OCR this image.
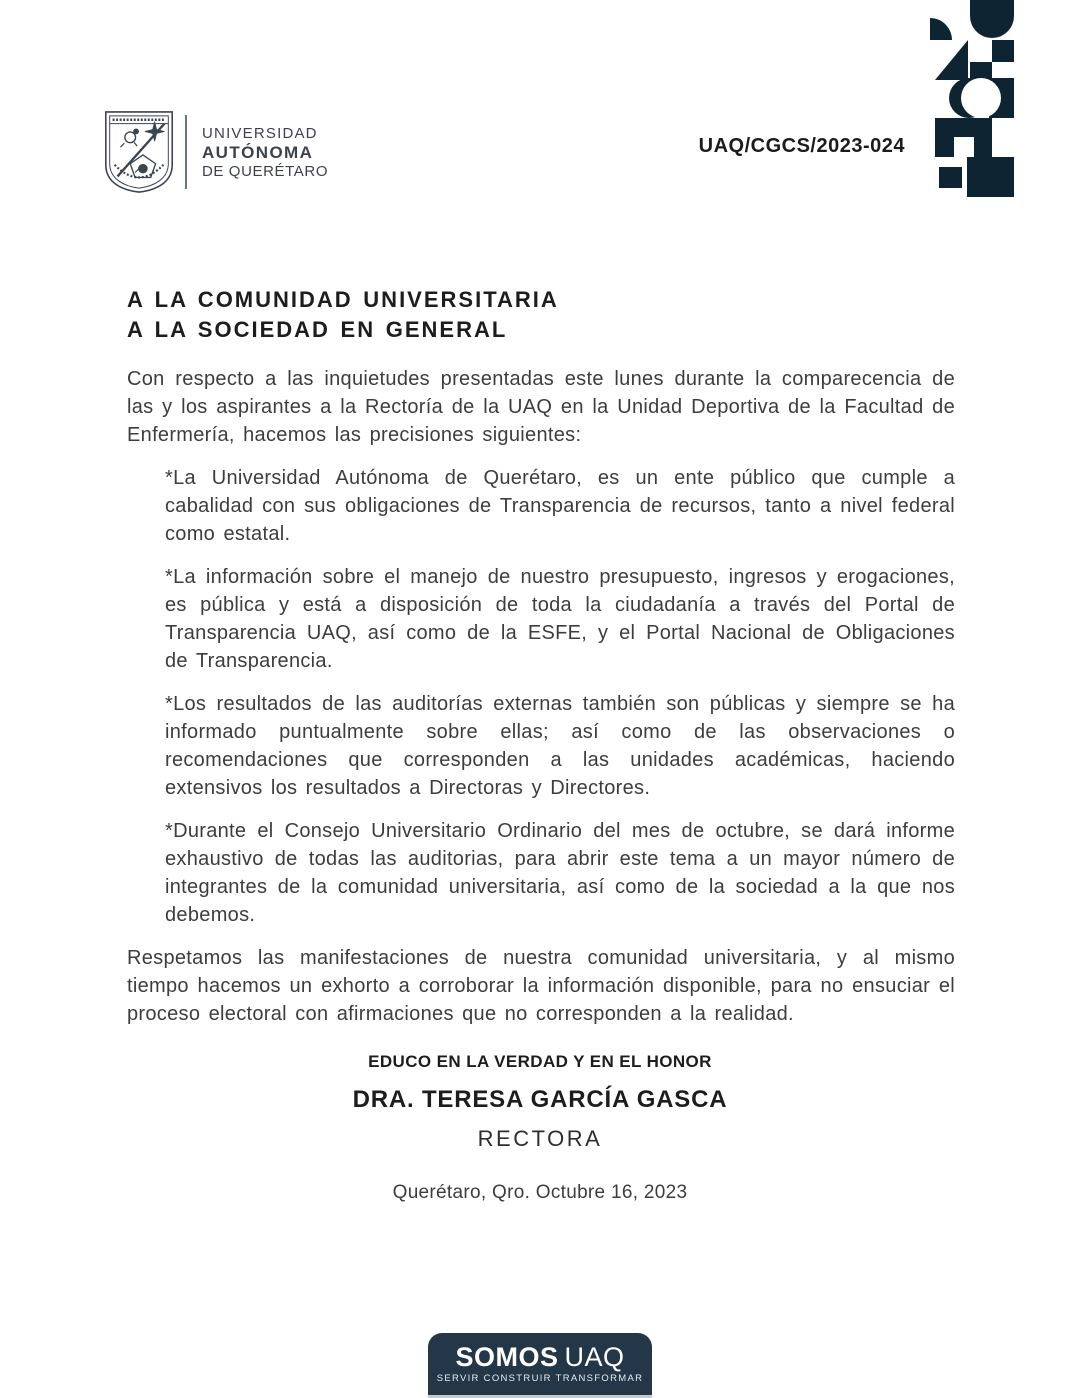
UNIVERSIDAD
AUTÓNOMA
DE QUERÉTARO
UAQ/CGCS/2023-024
A LA COMUNIDAD UNIVERSITARIA
A LA SOCIEDAD EN GENERAL

Con respecto a las inquietudes presentadas este lunes durante la comparecencia de las y los aspirantes a la Rectoría de la UAQ en la Unidad Deportiva de la Facultad de Enfermería, hacemos las precisiones siguientes:

*La Universidad Autónoma de Querétaro, es un ente público que cumple a cabalidad con sus obligaciones de Transparencia de recursos, tanto a nivel federal como estatal.

*La información sobre el manejo de nuestro presupuesto, ingresos y erogaciones, es pública y está a disposición de toda la ciudadanía a través del Portal de Transparencia UAQ, así como de la ESFE, y el Portal Nacional de Obligaciones de Transparencia.

*Los resultados de las auditorías externas también son públicas y siempre se ha informado puntualmente sobre ellas; así como de las observaciones o recomendaciones que corresponden a las unidades académicas, haciendo extensivos los resultados a Directoras y Directores.

*Durante el Consejo Universitario Ordinario del mes de octubre, se dará informe exhaustivo de todas las auditorias, para abrir este tema a un mayor número de integrantes de la comunidad universitaria, así como de la sociedad a la que nos debemos.

Respetamos las manifestaciones de nuestra comunidad universitaria, y al mismo tiempo hacemos un exhorto a corroborar la información disponible, para no ensuciar el proceso electoral con afirmaciones que no corresponden a la realidad.

EDUCO EN LA VERDAD Y EN EL HONOR
DRA. TERESA GARCÍA GASCA
RECTORA
Querétaro, Qro. Octubre 16, 2023
SOMOS UAQ
SERVIR CONSTRUIR TRANSFORMAR
